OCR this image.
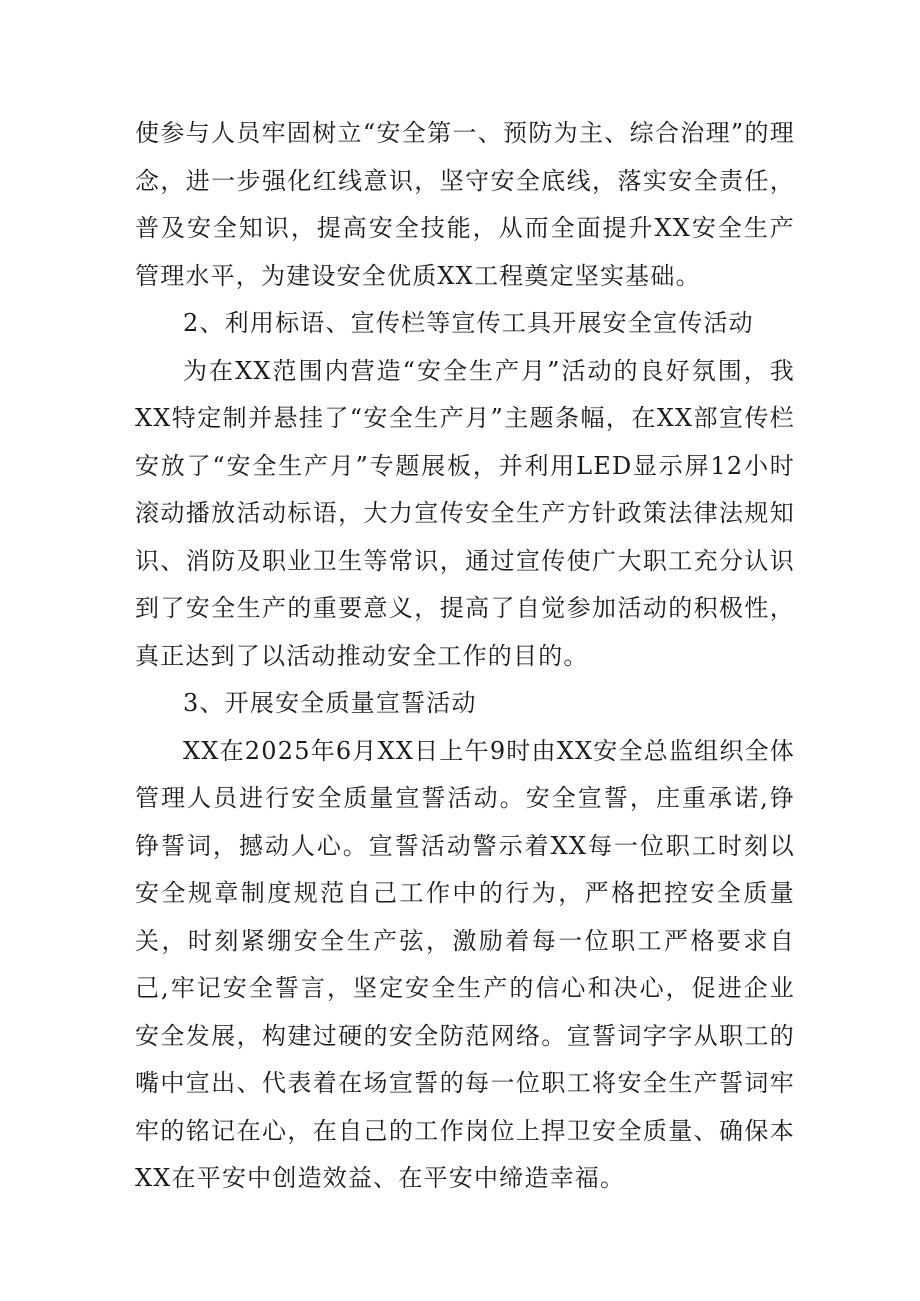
使参与人员牢固树立“安全第一、预防为主、综合治理”的理念，进一步强化红线意识，坚守安全底线，落实安全责任，普及安全知识，提高安全技能，从而全面提升XX安全生产管理水平，为建设安全优质XX工程奠定坚实基础。

2、利用标语、宣传栏等宣传工具开展安全宣传活动

为在XX范围内营造“安全生产月”活动的良好氛围，我XX特定制并悬挂了“安全生产月”主题条幅，在XX部宣传栏安放了“安全生产月”专题展板，并利用LED显示屏12小时滚动播放活动标语，大力宣传安全生产方针政策法律法规知识、消防及职业卫生等常识，通过宣传使广大职工充分认识到了安全生产的重要意义，提高了自觉参加活动的积极性，真正达到了以活动推动安全工作的目的。

3、开展安全质量宣誓活动

XX在2025年6月XX日上午9时由XX安全总监组织全体管理人员进行安全质量宣誓活动。安全宣誓，庄重承诺,铮铮誓词，撼动人心。宣誓活动警示着XX每一位职工时刻以安全规章制度规范自己工作中的行为，严格把控安全质量关，时刻紧绷安全生产弦，激励着每一位职工严格要求自己,牢记安全誓言，坚定安全生产的信心和决心，促进企业安全发展，构建过硬的安全防范网络。宣誓词字字从职工的嘴中宣出、代表着在场宣誓的每一位职工将安全生产誓词牢牢的铭记在心，在自己的工作岗位上捍卫安全质量、确保本XX在平安中创造效益、在平安中缔造幸福。
